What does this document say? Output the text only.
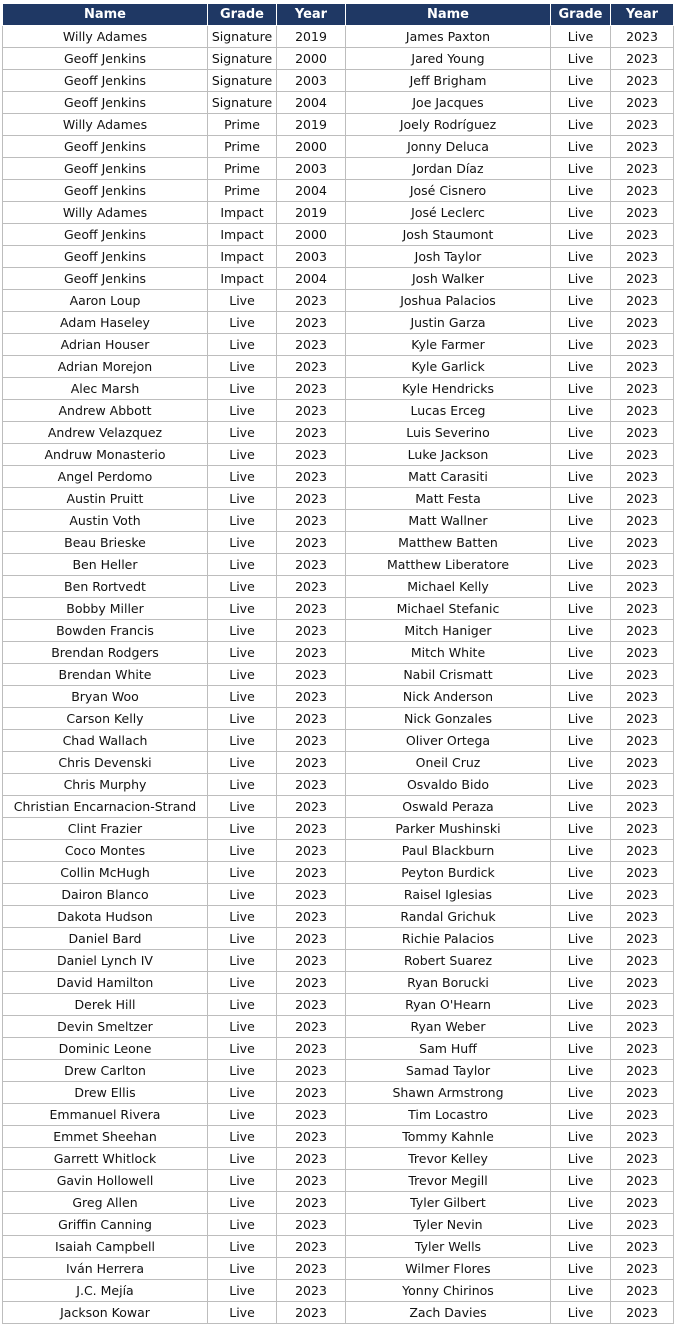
Name	Grade	Year	Name	Grade	Year
Willy Adames	Signature	2019	James Paxton	Live	2023
Geoff Jenkins	Signature	2000	Jared Young	Live	2023
Geoff Jenkins	Signature	2003	Jeff Brigham	Live	2023
Geoff Jenkins	Signature	2004	Joe Jacques	Live	2023
Willy Adames	Prime	2019	Joely Rodríguez	Live	2023
Geoff Jenkins	Prime	2000	Jonny Deluca	Live	2023
Geoff Jenkins	Prime	2003	Jordan Díaz	Live	2023
Geoff Jenkins	Prime	2004	José Cisnero	Live	2023
Willy Adames	Impact	2019	José Leclerc	Live	2023
Geoff Jenkins	Impact	2000	Josh Staumont	Live	2023
Geoff Jenkins	Impact	2003	Josh Taylor	Live	2023
Geoff Jenkins	Impact	2004	Josh Walker	Live	2023
Aaron Loup	Live	2023	Joshua Palacios	Live	2023
Adam Haseley	Live	2023	Justin Garza	Live	2023
Adrian Houser	Live	2023	Kyle Farmer	Live	2023
Adrian Morejon	Live	2023	Kyle Garlick	Live	2023
Alec Marsh	Live	2023	Kyle Hendricks	Live	2023
Andrew Abbott	Live	2023	Lucas Erceg	Live	2023
Andrew Velazquez	Live	2023	Luis Severino	Live	2023
Andruw Monasterio	Live	2023	Luke Jackson	Live	2023
Angel Perdomo	Live	2023	Matt Carasiti	Live	2023
Austin Pruitt	Live	2023	Matt Festa	Live	2023
Austin Voth	Live	2023	Matt Wallner	Live	2023
Beau Brieske	Live	2023	Matthew Batten	Live	2023
Ben Heller	Live	2023	Matthew Liberatore	Live	2023
Ben Rortvedt	Live	2023	Michael Kelly	Live	2023
Bobby Miller	Live	2023	Michael Stefanic	Live	2023
Bowden Francis	Live	2023	Mitch Haniger	Live	2023
Brendan Rodgers	Live	2023	Mitch White	Live	2023
Brendan White	Live	2023	Nabil Crismatt	Live	2023
Bryan Woo	Live	2023	Nick Anderson	Live	2023
Carson Kelly	Live	2023	Nick Gonzales	Live	2023
Chad Wallach	Live	2023	Oliver Ortega	Live	2023
Chris Devenski	Live	2023	Oneil Cruz	Live	2023
Chris Murphy	Live	2023	Osvaldo Bido	Live	2023
Christian Encarnacion-Strand	Live	2023	Oswald Peraza	Live	2023
Clint Frazier	Live	2023	Parker Mushinski	Live	2023
Coco Montes	Live	2023	Paul Blackburn	Live	2023
Collin McHugh	Live	2023	Peyton Burdick	Live	2023
Dairon Blanco	Live	2023	Raisel Iglesias	Live	2023
Dakota Hudson	Live	2023	Randal Grichuk	Live	2023
Daniel Bard	Live	2023	Richie Palacios	Live	2023
Daniel Lynch IV	Live	2023	Robert Suarez	Live	2023
David Hamilton	Live	2023	Ryan Borucki	Live	2023
Derek Hill	Live	2023	Ryan O'Hearn	Live	2023
Devin Smeltzer	Live	2023	Ryan Weber	Live	2023
Dominic Leone	Live	2023	Sam Huff	Live	2023
Drew Carlton	Live	2023	Samad Taylor	Live	2023
Drew Ellis	Live	2023	Shawn Armstrong	Live	2023
Emmanuel Rivera	Live	2023	Tim Locastro	Live	2023
Emmet Sheehan	Live	2023	Tommy Kahnle	Live	2023
Garrett Whitlock	Live	2023	Trevor Kelley	Live	2023
Gavin Hollowell	Live	2023	Trevor Megill	Live	2023
Greg Allen	Live	2023	Tyler Gilbert	Live	2023
Griffin Canning	Live	2023	Tyler Nevin	Live	2023
Isaiah Campbell	Live	2023	Tyler Wells	Live	2023
Iván Herrera	Live	2023	Wilmer Flores	Live	2023
J.C. Mejía	Live	2023	Yonny Chirinos	Live	2023
Jackson Kowar	Live	2023	Zach Davies	Live	2023
